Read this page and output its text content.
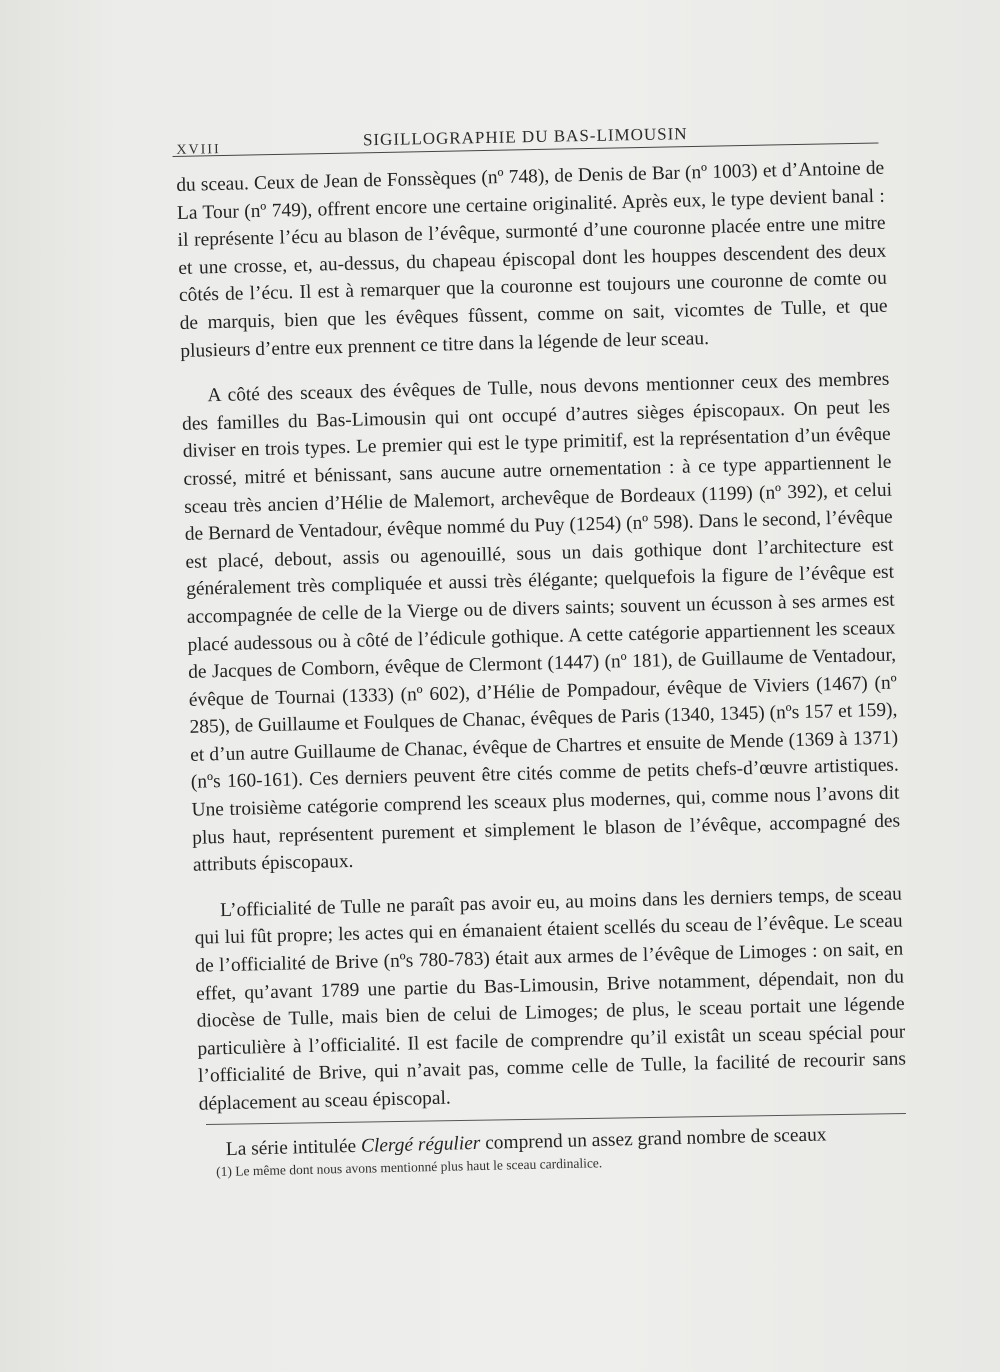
XVIII
SIGILLOGRAPHIE DU BAS-LIMOUSIN

du sceau. Ceux de Jean de Fonssèques (nº 748), de Denis de Bar (nº 1003) et d’Antoine de La Tour (nº 749), offrent encore une certaine originalité. Après eux, le type devient banal : il représente l’écu au blason de l’évêque, surmonté d’une couronne placée entre une mitre et une crosse, et, au-dessus, du chapeau épiscopal dont les houppes descendent des deux côtés de l’écu. Il est à remarquer que la couronne est toujours une couronne de comte ou de marquis, bien que les évêques fûssent, comme on sait, vicomtes de Tulle, et que plusieurs d’entre eux prennent ce titre dans la légende de leur sceau.

A côté des sceaux des évêques de Tulle, nous devons mentionner ceux des membres des familles du Bas-Limousin qui ont occupé d’autres sièges épiscopaux. On peut les diviser en trois types. Le premier qui est le type primitif, est la représentation d’un évêque crossé, mitré et bénissant, sans aucune autre ornementation : à ce type appartiennent le sceau très ancien d’Hélie de Malemort, archevêque de Bordeaux (1199) (nº 392), et celui de Bernard de Ventadour, évêque nommé du Puy (1254) (nº 598). Dans le second, l’évêque est placé, debout, assis ou agenouillé, sous un dais gothique dont l’architecture est généralement très compliquée et aussi très élégante; quelquefois la figure de l’évêque est accompagnée de celle de la Vierge ou de divers saints; souvent un écusson à ses armes est placé audessous ou à côté de l’édicule gothique. A cette catégorie appartiennent les sceaux de Jacques de Comborn, évêque de Clermont (1447) (nº 181), de Guillaume de Ventadour, évêque de Tournai (1333) (nº 602), d’Hélie de Pompadour, évêque de Viviers (1467) (nº 285), de Guillaume et Foulques de Chanac, évêques de Paris (1340, 1345) (nºs 157 et 159), et d’un autre Guillaume de Chanac, évêque de Chartres et ensuite de Mende (1369 à 1371) (nºs 160-161). Ces derniers peuvent être cités comme de petits chefs-d’œuvre artistiques. Une troisième catégorie comprend les sceaux plus modernes, qui, comme nous l’avons dit plus haut, représentent purement et simplement le blason de l’évêque, accompagné des attributs épiscopaux.

L’officialité de Tulle ne paraît pas avoir eu, au moins dans les derniers temps, de sceau qui lui fût propre; les actes qui en émanaient étaient scellés du sceau de l’évêque. Le sceau de l’officialité de Brive (nºs 780-783) était aux armes de l’évêque de Limoges : on sait, en effet, qu’avant 1789 une partie du Bas-Limousin, Brive notamment, dépendait, non du diocèse de Tulle, mais bien de celui de Limoges; de plus, le sceau portait une légende particulière à l’officialité. Il est facile de comprendre qu’il existât un sceau spécial pour l’officialité de Brive, qui n’avait pas, comme celle de Tulle, la facilité de recourir sans déplacement au sceau épiscopal.

La série intitulée Clergé régulier comprend un assez grand nombre de sceaux

(1) Le même dont nous avons mentionné plus haut le sceau cardinalice.
